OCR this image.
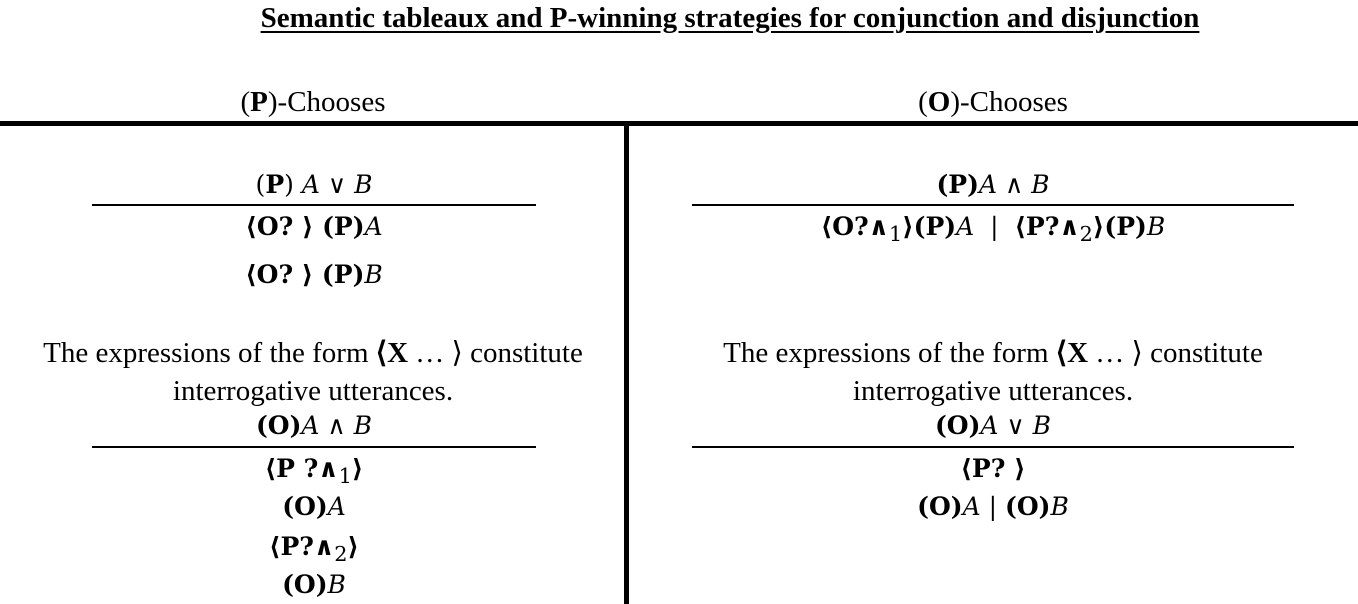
Semantic tableaux and P-winning strategies for conjunction and disjunction
(P)-Chooses	(O)-Chooses
(P) A ∨ B
⟨O? ⟩ (P)A
⟨O? ⟩ (P)B
The expressions of the form ⟨X … ⟩ constitute
interrogative utterances.
(O)A ∧ B
⟨P $?\wedge_1⟩$
(O)A
$⟨P?\wedge_2⟩$
(O)B
(P)A ∧ B
$⟨O?\wedge_1⟩(P)A$ | $⟨P?\wedge_2⟩(P)B$
The expressions of the form ⟨X … ⟩ constitute
interrogative utterances.
(O)A ∨ B
⟨P? ⟩
(O)A | (O)B
